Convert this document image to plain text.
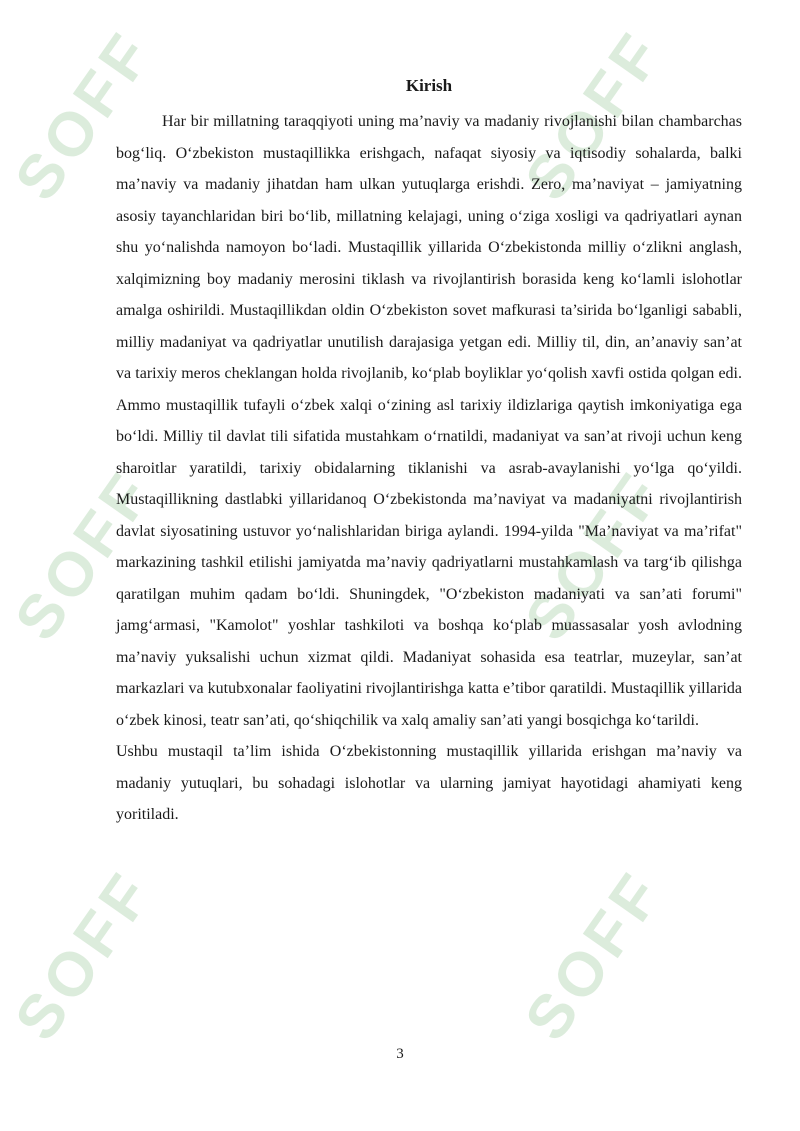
SOFF	SOFF
SOFF	SOFF
SOFF	SOFF
Kirish

Har bir millatning taraqqiyoti uning ma’naviy va madaniy rivojlanishi bilan chambarchas bog‘liq. O‘zbekiston mustaqillikka erishgach, nafaqat siyosiy va iqtisodiy sohalarda, balki ma’naviy va madaniy jihatdan ham ulkan yutuqlarga erishdi. Zero, ma’naviyat – jamiyatning asosiy tayanchlaridan biri bo‘lib, millatning kelajagi, uning o‘ziga xosligi va qadriyatlari aynan shu yo‘nalishda namoyon bo‘ladi. Mustaqillik yillarida O‘zbekistonda milliy o‘zlikni anglash, xalqimizning boy madaniy merosini tiklash va rivojlantirish borasida keng ko‘lamli islohotlar amalga oshirildi. Mustaqillikdan oldin O‘zbekiston sovet mafkurasi ta’sirida bo‘lganligi sababli, milliy madaniyat va qadriyatlar unutilish darajasiga yetgan edi. Milliy til, din, an’anaviy san’at va tarixiy meros cheklangan holda rivojlanib, ko‘plab boyliklar yo‘qolish xavfi ostida qolgan edi. Ammo mustaqillik tufayli o‘zbek xalqi o‘zining asl tarixiy ildizlariga qaytish imkoniyatiga ega bo‘ldi. Milliy til davlat tili sifatida mustahkam o‘rnatildi, madaniyat va san’at rivoji uchun keng sharoitlar yaratildi, tarixiy obidalarning tiklanishi va asrab-avaylanishi yo‘lga qo‘yildi. Mustaqillikning dastlabki yillaridanoq O‘zbekistonda ma’naviyat va madaniyatni rivojlantirish davlat siyosatining ustuvor yo‘nalishlaridan biriga aylandi. 1994-yilda "Ma’naviyat va ma’rifat" markazining tashkil etilishi jamiyatda ma’naviy qadriyatlarni mustahkamlash va targ‘ib qilishga qaratilgan muhim qadam bo‘ldi. Shuningdek, "O‘zbekiston madaniyati va san’ati forumi" jamg‘armasi, "Kamolot" yoshlar tashkiloti va boshqa ko‘plab muassasalar yosh avlodning ma’naviy yuksalishi uchun xizmat qildi. Madaniyat sohasida esa teatrlar, muzeylar, san’at markazlari va kutubxonalar faoliyatini rivojlantirishga katta e’tibor qaratildi. Mustaqillik yillarida o‘zbek kinosi, teatr san’ati, qo‘shiqchilik va xalq amaliy san’ati yangi bosqichga ko‘tarildi.

Ushbu mustaqil ta’lim ishida O‘zbekistonning mustaqillik yillarida erishgan ma’naviy va madaniy yutuqlari, bu sohadagi islohotlar va ularning jamiyat hayotidagi ahamiyati keng yoritiladi.

3
